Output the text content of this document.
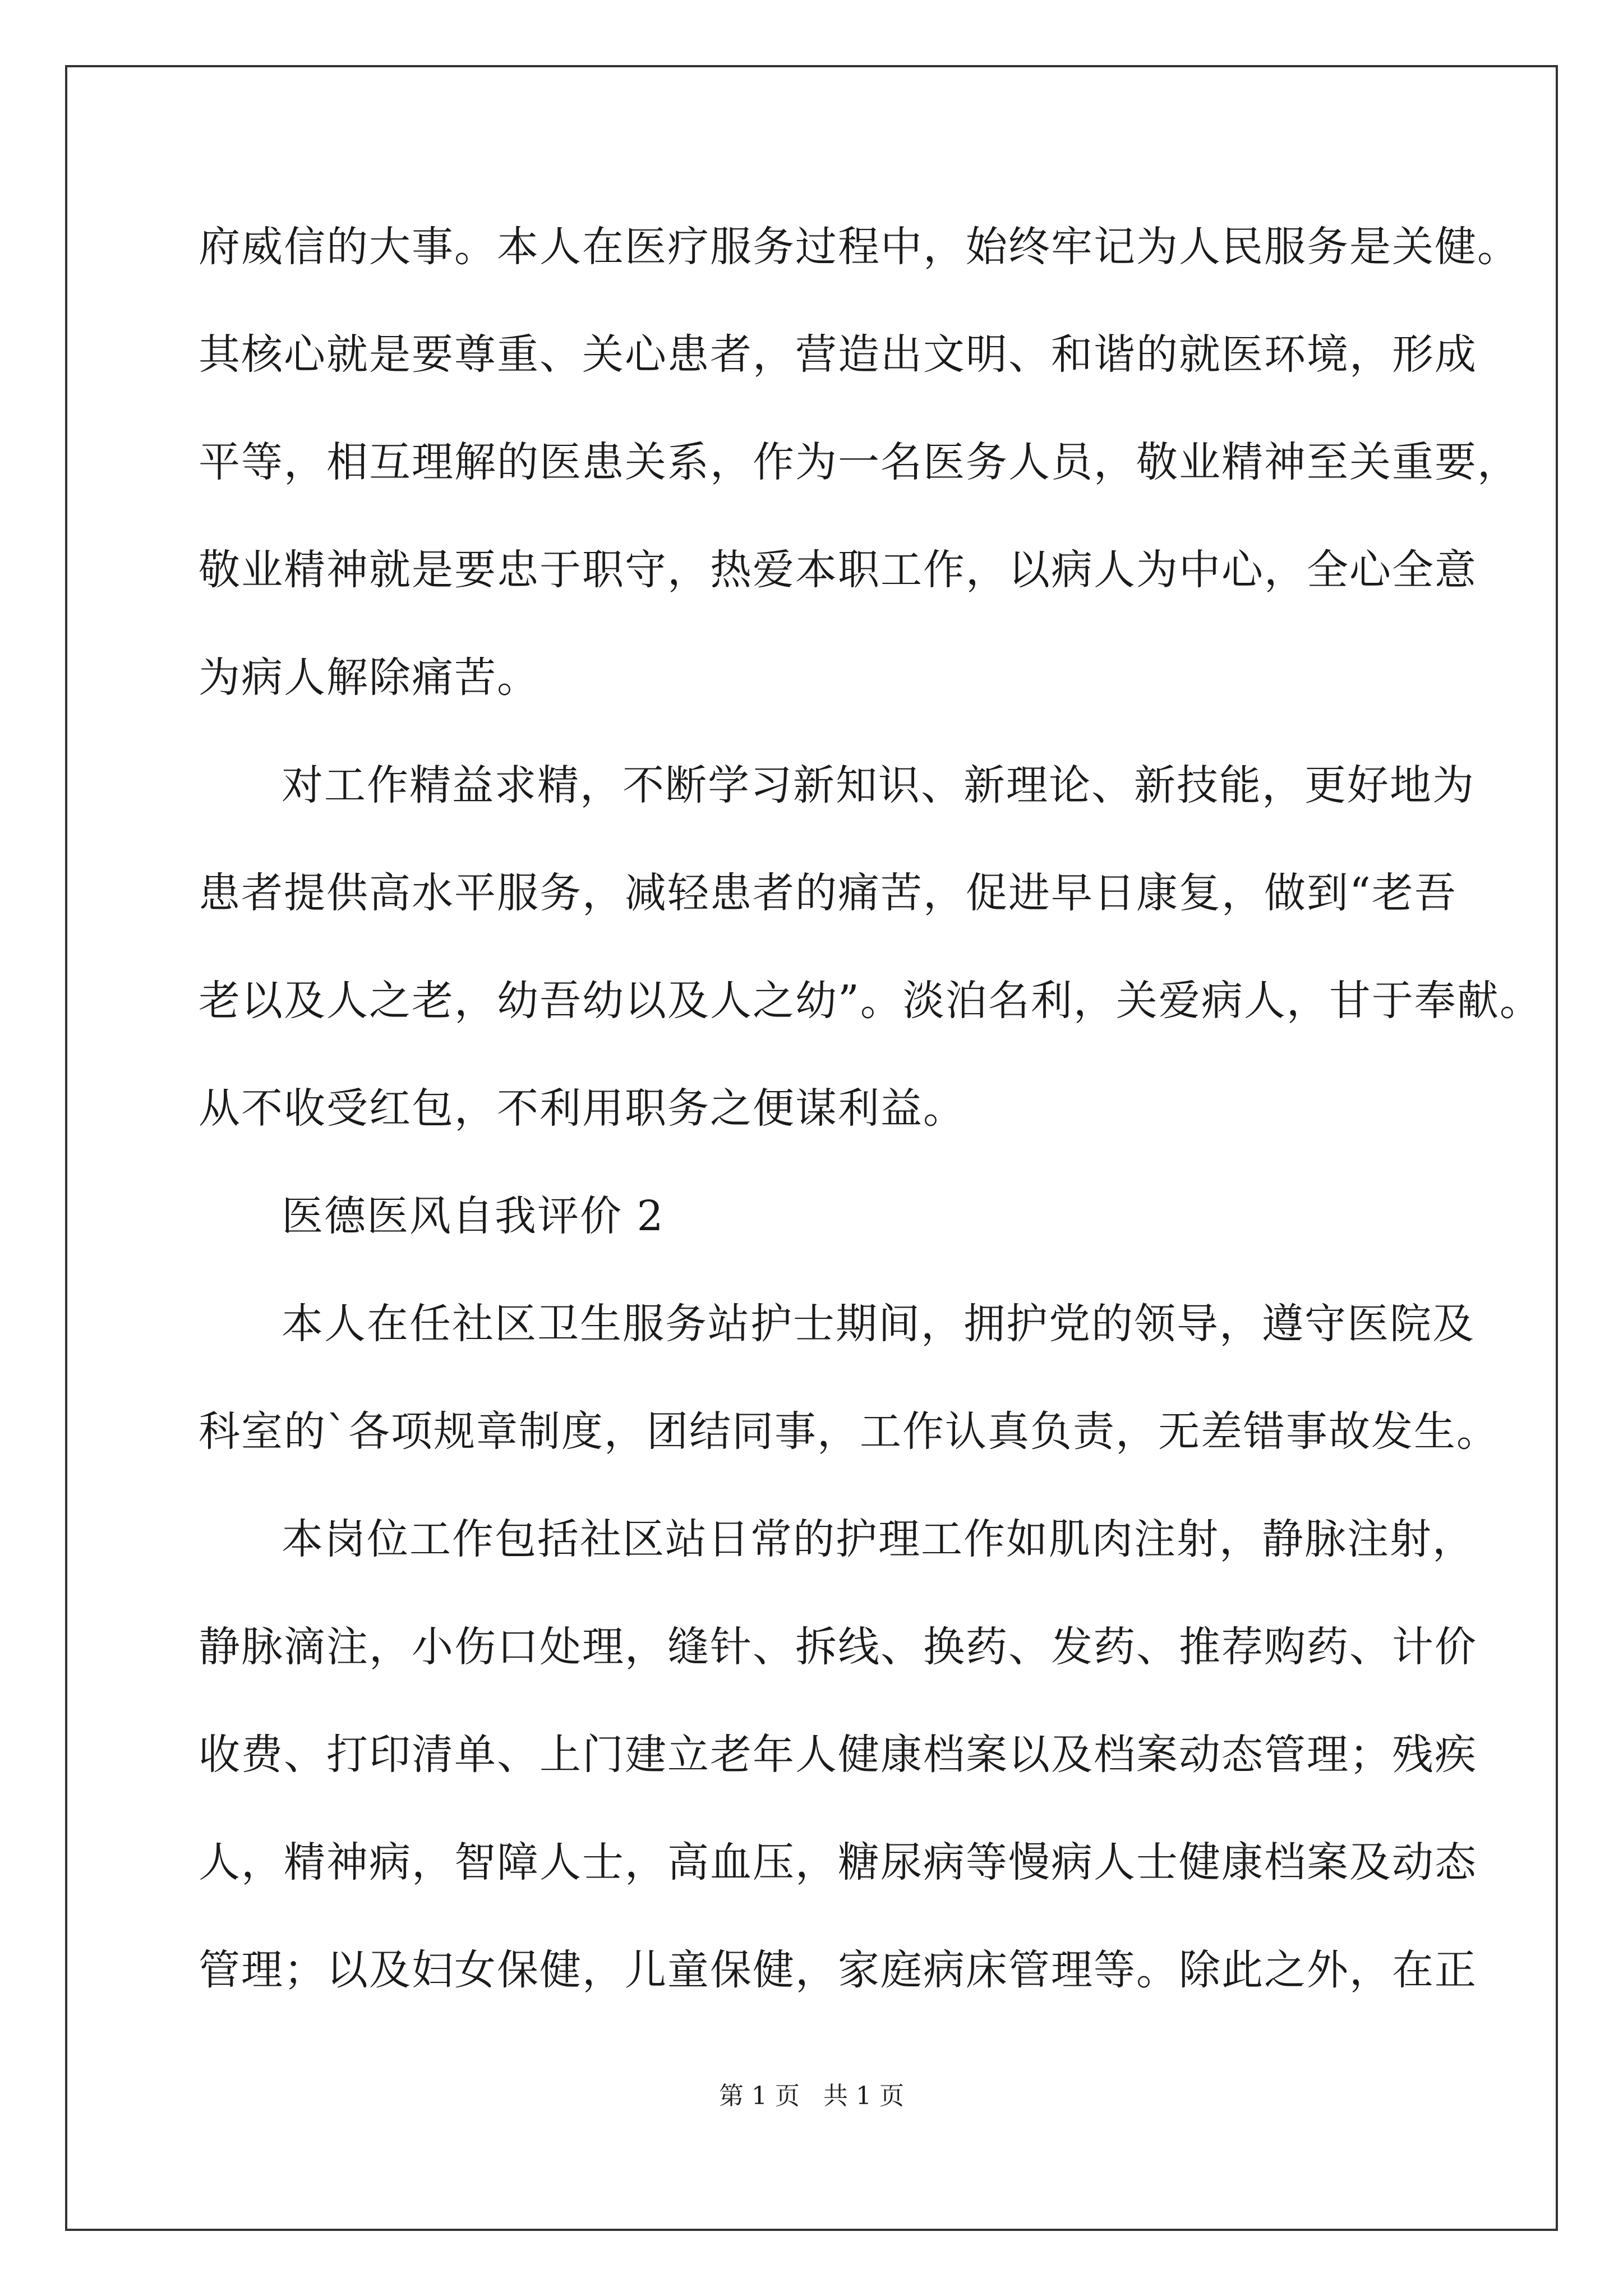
府威信的大事。本人在医疗服务过程中，始终牢记为人民服务是关健。
其核心就是要尊重、关心患者，营造出文明、和谐的就医环境，形成
平等，相互理解的医患关系，作为一名医务人员，敬业精神至关重要，
敬业精神就是要忠于职守，热爱本职工作，以病人为中心，全心全意
为病人解除痛苦。
对工作精益求精，不断学习新知识、新理论、新技能，更好地为
患者提供高水平服务，减轻患者的痛苦，促进早日康复，做到“老吾
老以及人之老，幼吾幼以及人之幼”。淡泊名利，关爱病人，甘于奉献。
从不收受红包，不利用职务之便谋利益。
医德医风自我评价 2
本人在任社区卫生服务站护士期间，拥护党的领导，遵守医院及
科室的`各项规章制度，团结同事，工作认真负责，无差错事故发生。
本岗位工作包括社区站日常的护理工作如肌肉注射，静脉注射，
静脉滴注，小伤口处理，缝针、拆线、换药、发药、推荐购药、计价
收费、打印清单、上门建立老年人健康档案以及档案动态管理；残疾
人，精神病，智障人士，高血压，糖尿病等慢病人士健康档案及动态
管理；以及妇女保健，儿童保健，家庭病床管理等。除此之外，在正
第 1 页 共 1 页
